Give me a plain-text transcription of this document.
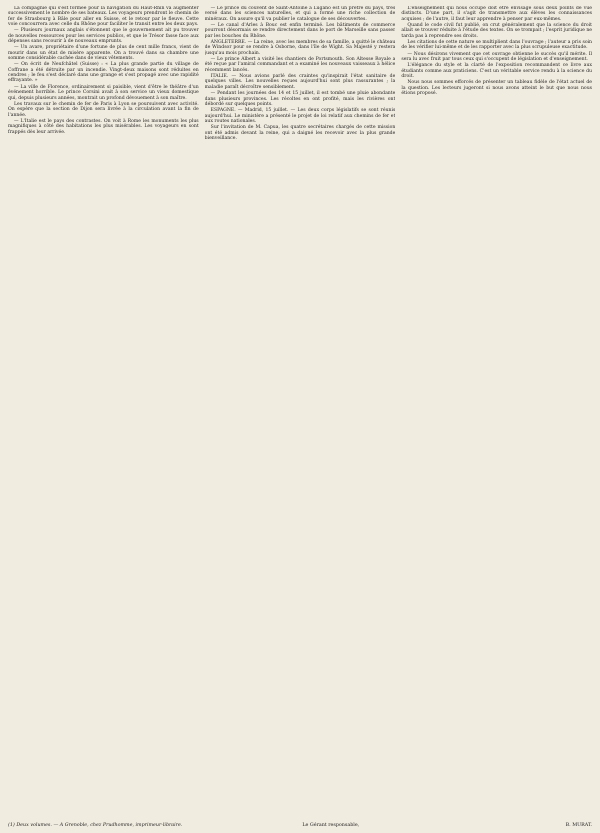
La compagnie qui s'est formée pour la navigation du Haut-Rhin va augmenter successivement le nombre de ses bateaux. Les voyageurs prendront le chemin de fer de Strasbourg à Bâle pour aller en Suisse, et le retour par le fleuve. Cette voie concourrera avec celle du Rhône pour faciliter le transit entre les deux pays.

— Plusieurs journaux anglais s'étonnent que le gouvernement ait pu trouver de nouvelles ressources pour les services publics, et que le Trésor fasse face aux dépenses sans recourir à de nouveaux emprunts.

— Un avare, propriétaire d'une fortune de plus de cent mille francs, vient de mourir dans un état de misère apparente. On a trouvé dans sa chambre une somme considérable cachée dans de vieux vêtements.

— On écrit de Neufchâtel (Suisse) : « La plus grande partie du village de Coffrane a été détruite par un incendie. Vingt-deux maisons sont réduites en cendres ; le feu s'est déclaré dans une grange et s'est propagé avec une rapidité effrayante. »

— La ville de Florence, ordinairement si paisible, vient d'être le théâtre d'un événement horrible. Le prince Corsini avait à son service un vieux domestique qui, depuis plusieurs années, montrait un profond dévouement à son maître.

Les travaux sur le chemin de fer de Paris à Lyon se poursuivent avec activité. On espère que la section de Dijon sera livrée à la circulation avant la fin de l'année.

— L'Italie est le pays des contrastes. On voit à Rome les monuments les plus magnifiques à côté des habitations les plus misérables. Les voyageurs en sont frappés dès leur arrivée.

— Le prince du couvent de Saint-Antoine à Lugano est un prêtre du pays, très versé dans les sciences naturelles, et qui a formé une riche collection de minéraux. On assure qu'il va publier le catalogue de ses découvertes.

— Le canal d'Arles à Bouc est enfin terminé. Les bâtiments de commerce pourront désormais se rendre directement dans le port de Marseille sans passer par les bouches du Rhône.

ANGLETERRE. — La reine, avec les membres de sa famille, a quitté le château de Windsor pour se rendre à Osborne, dans l'île de Wight. Sa Majesté y restera jusqu'au mois prochain.

— Le prince Albert a visité les chantiers de Portsmouth. Son Altesse Royale a été reçue par l'amiral commandant et a examiné les nouveaux vaisseaux à hélice récemment lancés.

ITALIE. — Nous avions parlé des craintes qu'inspirait l'état sanitaire de quelques villes. Les nouvelles reçues aujourd'hui sont plus rassurantes ; la maladie paraît décroître sensiblement.

— Pendant les journées des 14 et 15 juillet, il est tombé une pluie abondante dans plusieurs provinces. Les récoltes en ont profité, mais les rivières ont débordé sur quelques points.

ESPAGNE. — Madrid, 15 juillet. — Les deux corps législatifs se sont réunis aujourd'hui. Le ministère a présenté le projet de loi relatif aux chemins de fer et aux routes nationales.

Sur l'invitation de M. Capua, les quatre secrétaires chargés de cette mission ont été admis devant la reine, qui a daigné les recevoir avec la plus grande bienveillance.

L'enseignement qui nous occupe doit être envisagé sous deux points de vue distincts. D'une part, il s'agit de transmettre aux élèves les connaissances acquises ; de l'autre, il faut leur apprendre à penser par eux-mêmes.

Quand le code civil fut publié, on crut généralement que la science du droit allait se trouver réduite à l'étude des textes. On se trompait ; l'esprit juridique ne tarda pas à reprendre ses droits.

Les citations de cette nature se multiplient dans l'ouvrage ; l'auteur a pris soin de les vérifier lui-même et de les rapporter avec la plus scrupuleuse exactitude.

— Nous désirons vivement que cet ouvrage obtienne le succès qu'il mérite. Il sera lu avec fruit par tous ceux qui s'occupent de législation et d'enseignement.

L'élégance du style et la clarté de l'exposition recommandent ce livre aux étudiants comme aux praticiens. C'est un véritable service rendu à la science du droit.

Nous nous sommes efforcés de présenter un tableau fidèle de l'état actuel de la question. Les lecteurs jugeront si nous avons atteint le but que nous nous étions proposé.

(1) Deux volumes. — A Grenoble, chez Prudhomme, imprimeur-libraire.	Le Gérant responsable,	B. MURAT.
